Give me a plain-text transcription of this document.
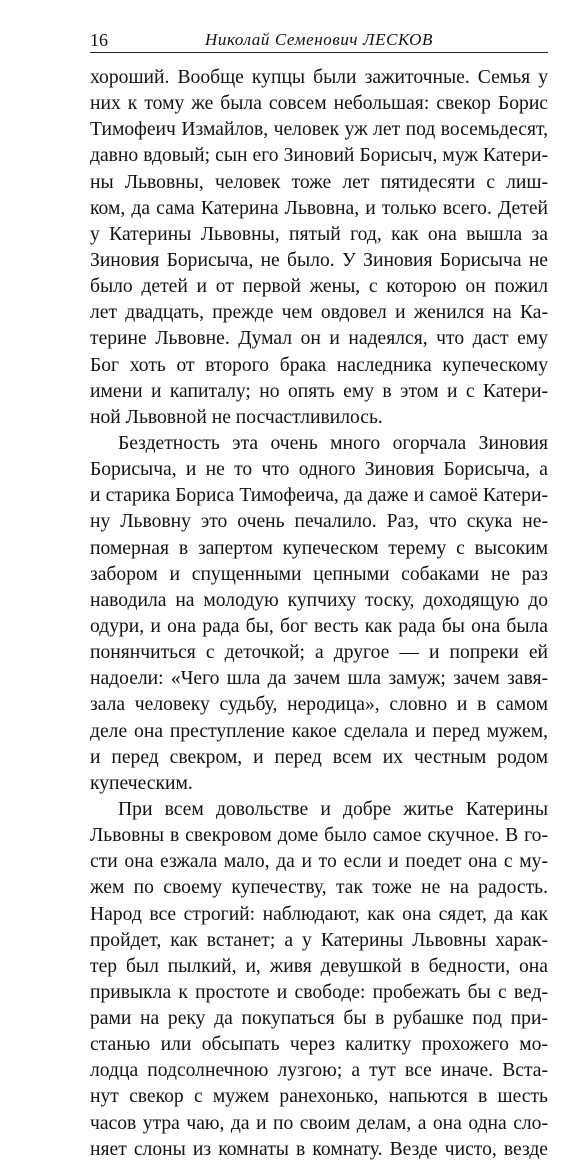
16	Николай Семенович ЛЕСКОВ
хороший. Вообще купцы были зажиточные. Семья у
них к тому же была совсем небольшая: свекор Борис
Тимофеич Измайлов, человек уж лет под восемьдесят,
давно вдовый; сын его Зиновий Борисыч, муж Катери-
ны Львовны, человек тоже лет пятидесяти с лиш-
ком, да сама Катерина Львовна, и только всего. Детей
у Катерины Львовны, пятый год, как она вышла за
Зиновия Борисыча, не было. У Зиновия Борисыча не
было детей и от первой жены, с которою он пожил
лет двадцать, прежде чем овдовел и женился на Ка-
терине Львовне. Думал он и надеялся, что даст ему
Бог хоть от второго брака наследника купеческому
имени и капиталу; но опять ему в этом и с Катери-
ной Львовной не посчастливилось.
Бездетность эта очень много огорчала Зиновия
Борисыча, и не то что одного Зиновия Борисыча, а
и старика Бориса Тимофеича, да даже и самоё Катери-
ну Львовну это очень печалило. Раз, что скука не-
померная в запертом купеческом терему с высоким
забором и спущенными цепными собаками не раз
наводила на молодую купчиху тоску, доходящую до
одури, и она рада бы, бог весть как рада бы она была
понянчиться с деточкой; а другое — и попреки ей
надоели: «Чего шла да зачем шла замуж; зачем завя-
зала человеку судьбу, неродица», словно и в самом
деле она преступление какое сделала и перед мужем,
и перед свекром, и перед всем их честным родом
купеческим.
При всем довольстве и добре житье Катерины
Львовны в свекровом доме было самое скучное. В го-
сти она езжала мало, да и то если и поедет она с му-
жем по своему купечеству, так тоже не на радость.
Народ все строгий: наблюдают, как она сядет, да как
пройдет, как встанет; а у Катерины Львовны харак-
тер был пылкий, и, живя девушкой в бедности, она
привыкла к простоте и свободе: пробежать бы с вед-
рами на реку да покупаться бы в рубашке под при-
станью или обсыпать через калитку прохожего мо-
лодца подсолнечною лузгою; а тут все иначе. Вста-
нут свекор с мужем ранехонько, напьются в шесть
часов утра чаю, да и по своим делам, а она одна сло-
няет слоны из комнаты в комнату. Везде чисто, везде
